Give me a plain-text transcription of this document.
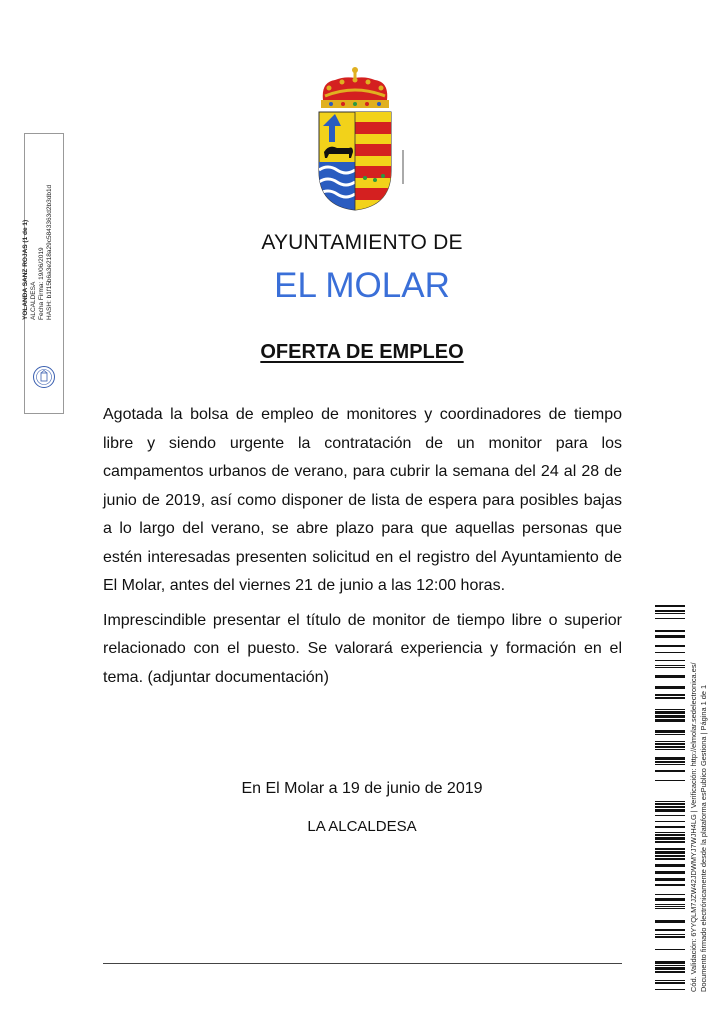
AYUNTAMIENTO DE
EL MOLAR
OFERTA DE EMPLEO

Agotada la bolsa de empleo de monitores y coordinadores de tiempo libre y siendo urgente la contratación de un monitor para los campamentos urbanos de verano, para cubrir la semana del 24 al 28 de junio de 2019, así como disponer de lista de espera para posibles bajas a lo largo del verano, se abre plazo para que aquellas personas que estén interesadas presenten solicitud en el registro del Ayuntamiento de El Molar, antes del viernes 21 de junio a las 12:00 horas.

Imprescindible presentar el título de monitor de tiempo libre o superior relacionado con el puesto. Se valorará experiencia y formación en el tema. (adjuntar documentación)

En El Molar a 19 de junio de 2019
LA ALCALDESA
YOLANDA SANZ ROJAS (1 de 1) ALCALDESA Fecha Firma: 19/06/2019 HASH: b1f15b6a3e218a29c5843363d2b3db1d
Cód. Validación: 6YYQLM7JZW42JDWMYJ7WJH4LG | Verificación: http://elmolar.sedelectronica.es/ Documento firmado electrónicamente desde la plataforma esPublico Gestiona | Página 1 de 1
